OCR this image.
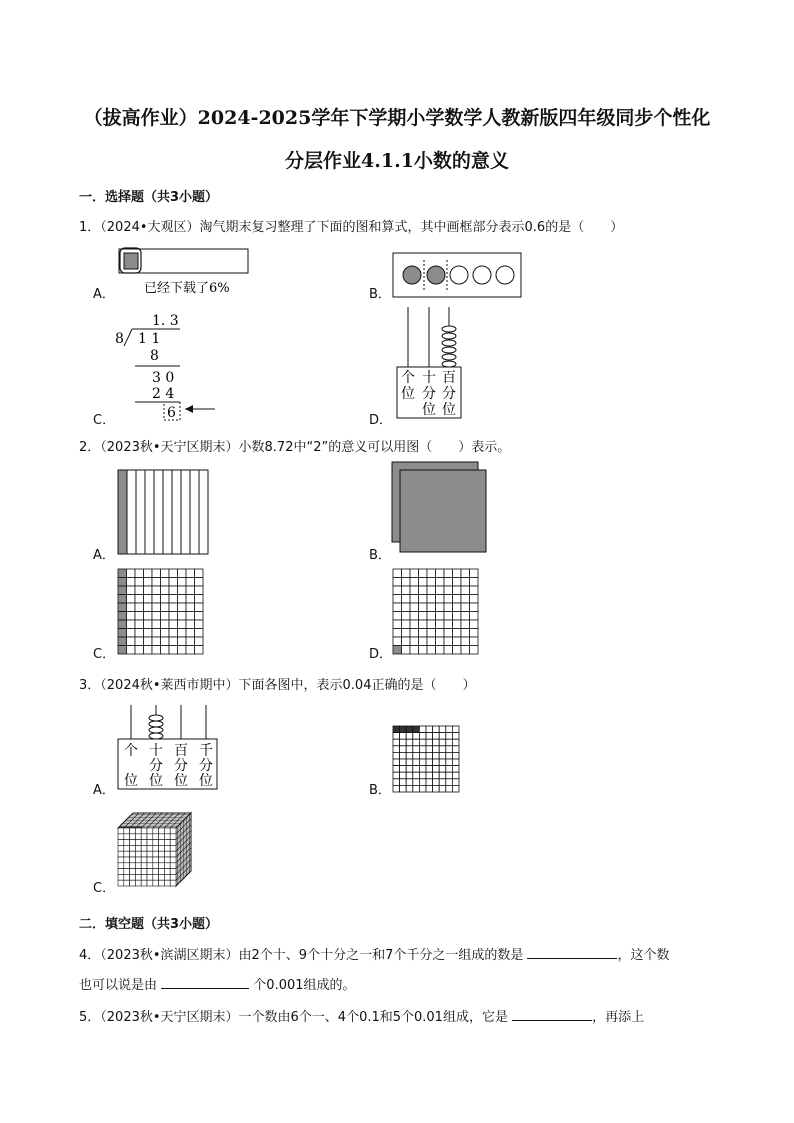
（拔高作业）2024-2025学年下学期小学数学人教新版四年级同步个性化
分层作业4.1.1小数的意义
一．选择题（共3小题）
1．（2024•大观区）淘气期末复习整理了下面的图和算式，其中画框部分表示0.6的是（　　）
A． 已经下载了6%	B．
C．
1. 3
8 1 1
8
3 0
2 4
6	D．
个 十 百
位 分 分
位 位
2．（2023秋•天宁区期末）小数8.72中“2”的意义可以用图（　　）表示。
A．	B．
C．	D．
3．（2024秋•莱西市期中）下面各图中，表示0.04正确的是（　　）
A．
个 十 百 千
分 分 分
位 位 位 位
B．
C．
二．填空题（共3小题）
4．（2023秋•滨湖区期末）由2个十、9个十分之一和7个千分之一组成的数是	，这个数
也可以说是由	个0.001组成的。
5．（2023秋•天宁区期末）一个数由6个一、4个0.1和5个0.01组成，它是	，再添上
